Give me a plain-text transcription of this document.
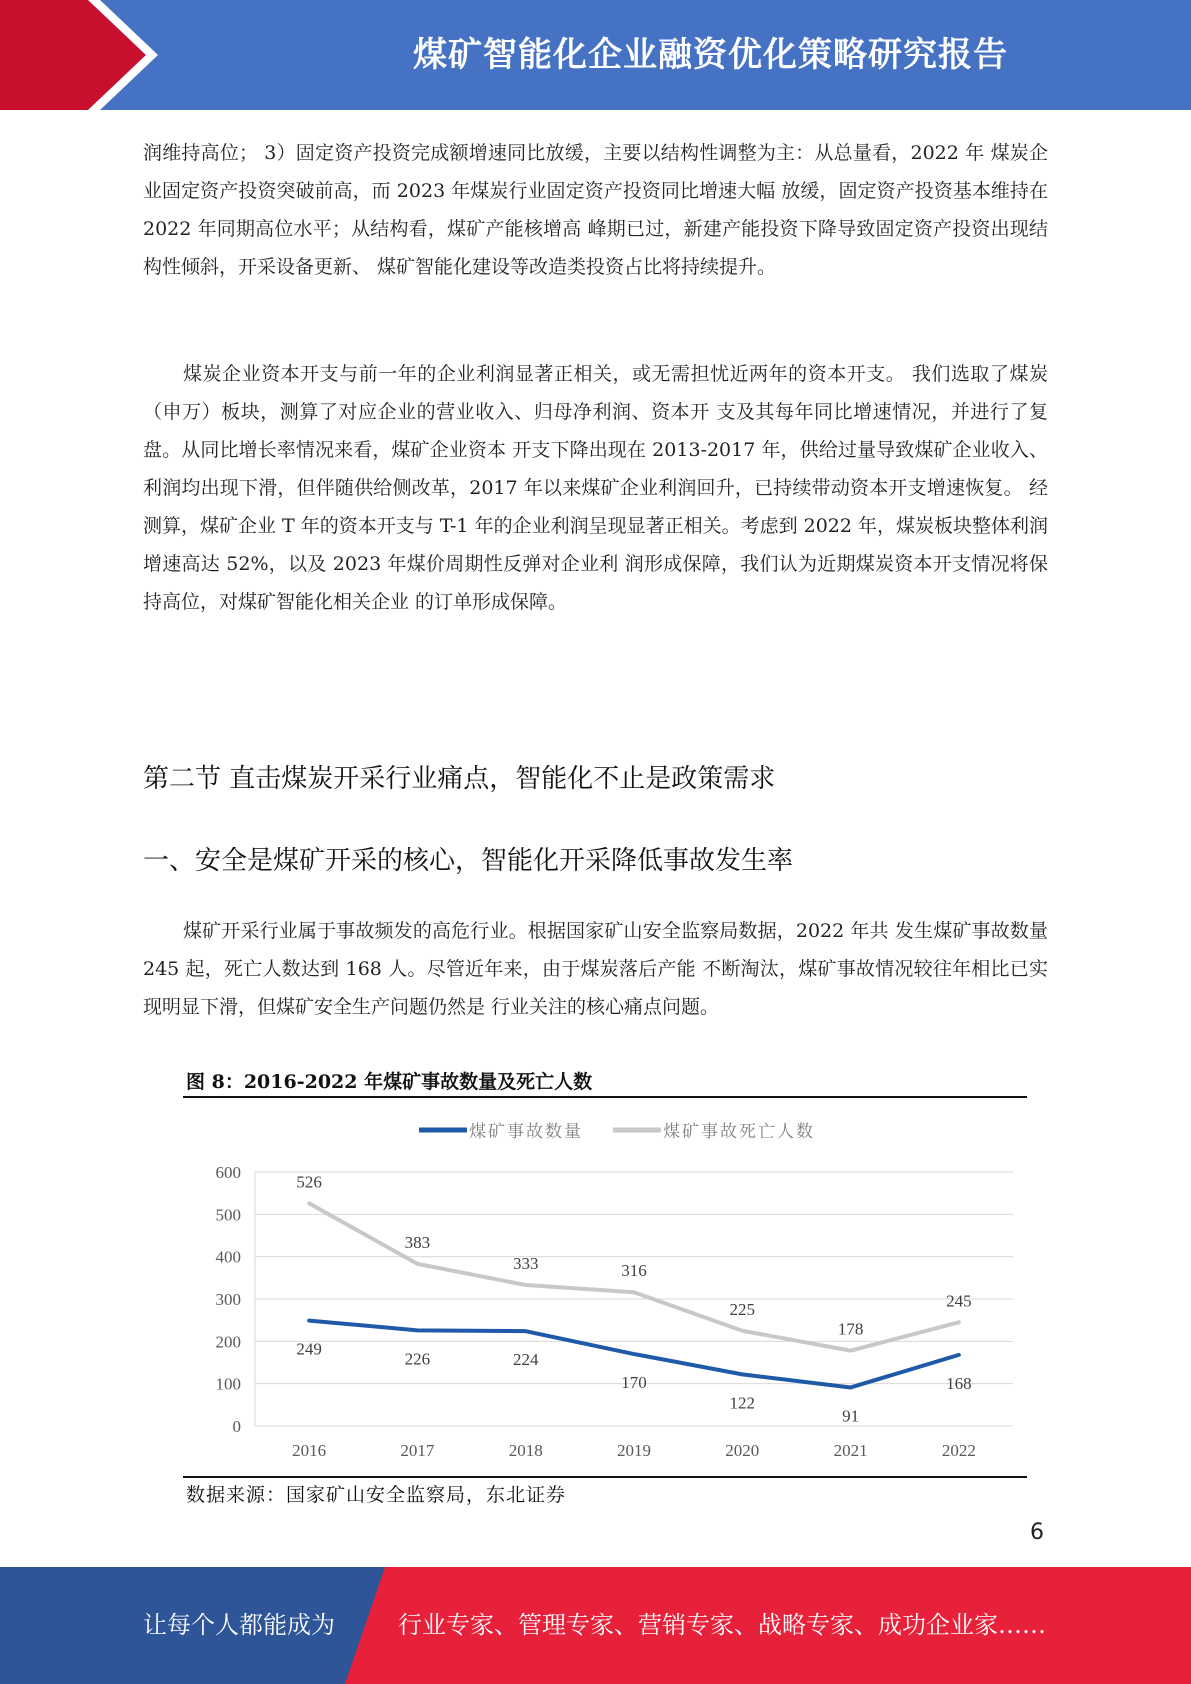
煤矿智能化企业融资优化策略研究报告

润维持高位； 3）固定资产投资完成额增速同比放缓，主要以结构性调整为主：从总量看，2022 年 煤炭企业固定资产投资突破前高，而 2023 年煤炭行业固定资产投资同比增速大幅 放缓，固定资产投资基本维持在 2022 年同期高位水平；从结构看，煤矿产能核增高 峰期已过，新建产能投资下降导致固定资产投资出现结构性倾斜，开采设备更新、 煤矿智能化建设等改造类投资占比将持续提升。

煤炭企业资本开支与前一年的企业利润显著正相关，或无需担忧近两年的资本开支。 我们选取了煤炭（申万）板块，测算了对应企业的营业收入、归母净利润、资本开 支及其每年同比增速情况，并进行了复盘。从同比增长率情况来看，煤矿企业资本 开支下降出现在 2013-2017 年，供给过量导致煤矿企业收入、利润均出现下滑，但伴随供给侧改革，2017 年以来煤矿企业利润回升，已持续带动资本开支增速恢复。 经测算，煤矿企业 T 年的资本开支与 T-1 年的企业利润呈现显著正相关。考虑到 2022 年，煤炭板块整体利润增速高达 52%，以及 2023 年煤价周期性反弹对企业利 润形成保障，我们认为近期煤炭资本开支情况将保持高位，对煤矿智能化相关企业 的订单形成保障。

第二节 直击煤炭开采行业痛点，智能化不止是政策需求
一、安全是煤矿开采的核心，智能化开采降低事故发生率

煤矿开采行业属于事故频发的高危行业。根据国家矿山安全监察局数据，2022 年共 发生煤矿事故数量 245 起，死亡人数达到 168 人。尽管近年来，由于煤炭落后产能 不断淘汰，煤矿事故情况较往年相比已实现明显下滑，但煤矿安全生产问题仍然是 行业关注的核心痛点问题。

图 8：2016-2022 年煤矿事故数量及死亡人数
煤矿事故数量	煤矿事故死亡人数
0
100
200
300
400
500
600
2016	2017	2018	2019	2020	2021	2022
526
383
333	316
225
178
245
249
226	224
170
122
91
168
数据来源：国家矿山安全监察局，东北证券
6
让每个人都能成为	行业专家、管理专家、营销专家、战略专家、成功企业家……
